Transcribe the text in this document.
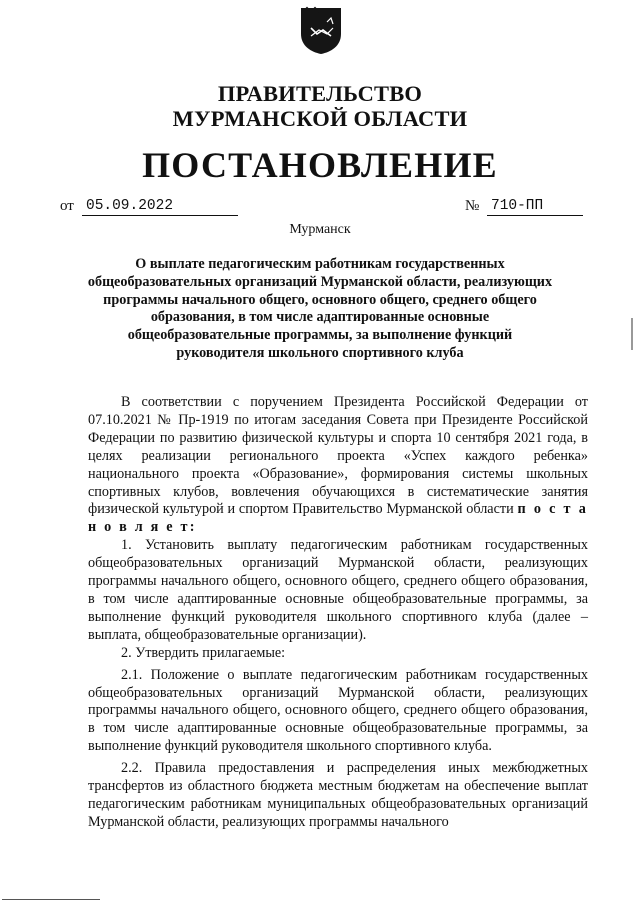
ПРАВИТЕЛЬСТВО
МУРМАНСКОЙ ОБЛАСТИ
ПОСТАНОВЛЕНИЕ
от 05.09.2022	№ 710-ПП
Мурманск
О выплате педагогическим работникам государственных
общеобразовательных организаций Мурманской области, реализующих
программы начального общего, основного общего, среднего общего
образования, в том числе адаптированные основные
общеобразовательные программы, за выполнение функций
руководителя школьного спортивного клуба

В соответствии с поручением Президента Российской Федерации от 07.10.2021 № Пр-1919 по итогам заседания Совета при Президенте Российской Федерации по развитию физической культуры и спорта 10 сентября 2021 года, в целях реализации регионального проекта «Успех каждого ребенка» национального проекта «Образование», формирования системы школьных спортивных клубов, вовлечения обучающихся в систематические занятия физической культурой и спортом Правительство Мурманской области п о с т а н о в л я е т:

1. Установить выплату педагогическим работникам государственных общеобразовательных организаций Мурманской области, реализующих программы начального общего, основного общего, среднего общего образования, в том числе адаптированные основные общеобразовательные программы, за выполнение функций руководителя школьного спортивного клуба (далее – выплата, общеобразовательные организации).

2. Утвердить прилагаемые:

2.1. Положение о выплате педагогическим работникам государственных общеобразовательных организаций Мурманской области, реализующих программы начального общего, основного общего, среднего общего образования, в том числе адаптированные основные общеобразовательные программы, за выполнение функций руководителя школьного спортивного клуба.

2.2. Правила предоставления и распределения иных межбюджетных трансфертов из областного бюджета местным бюджетам на обеспечение выплат педагогическим работникам муниципальных общеобразовательных организаций Мурманской области, реализующих программы начального
